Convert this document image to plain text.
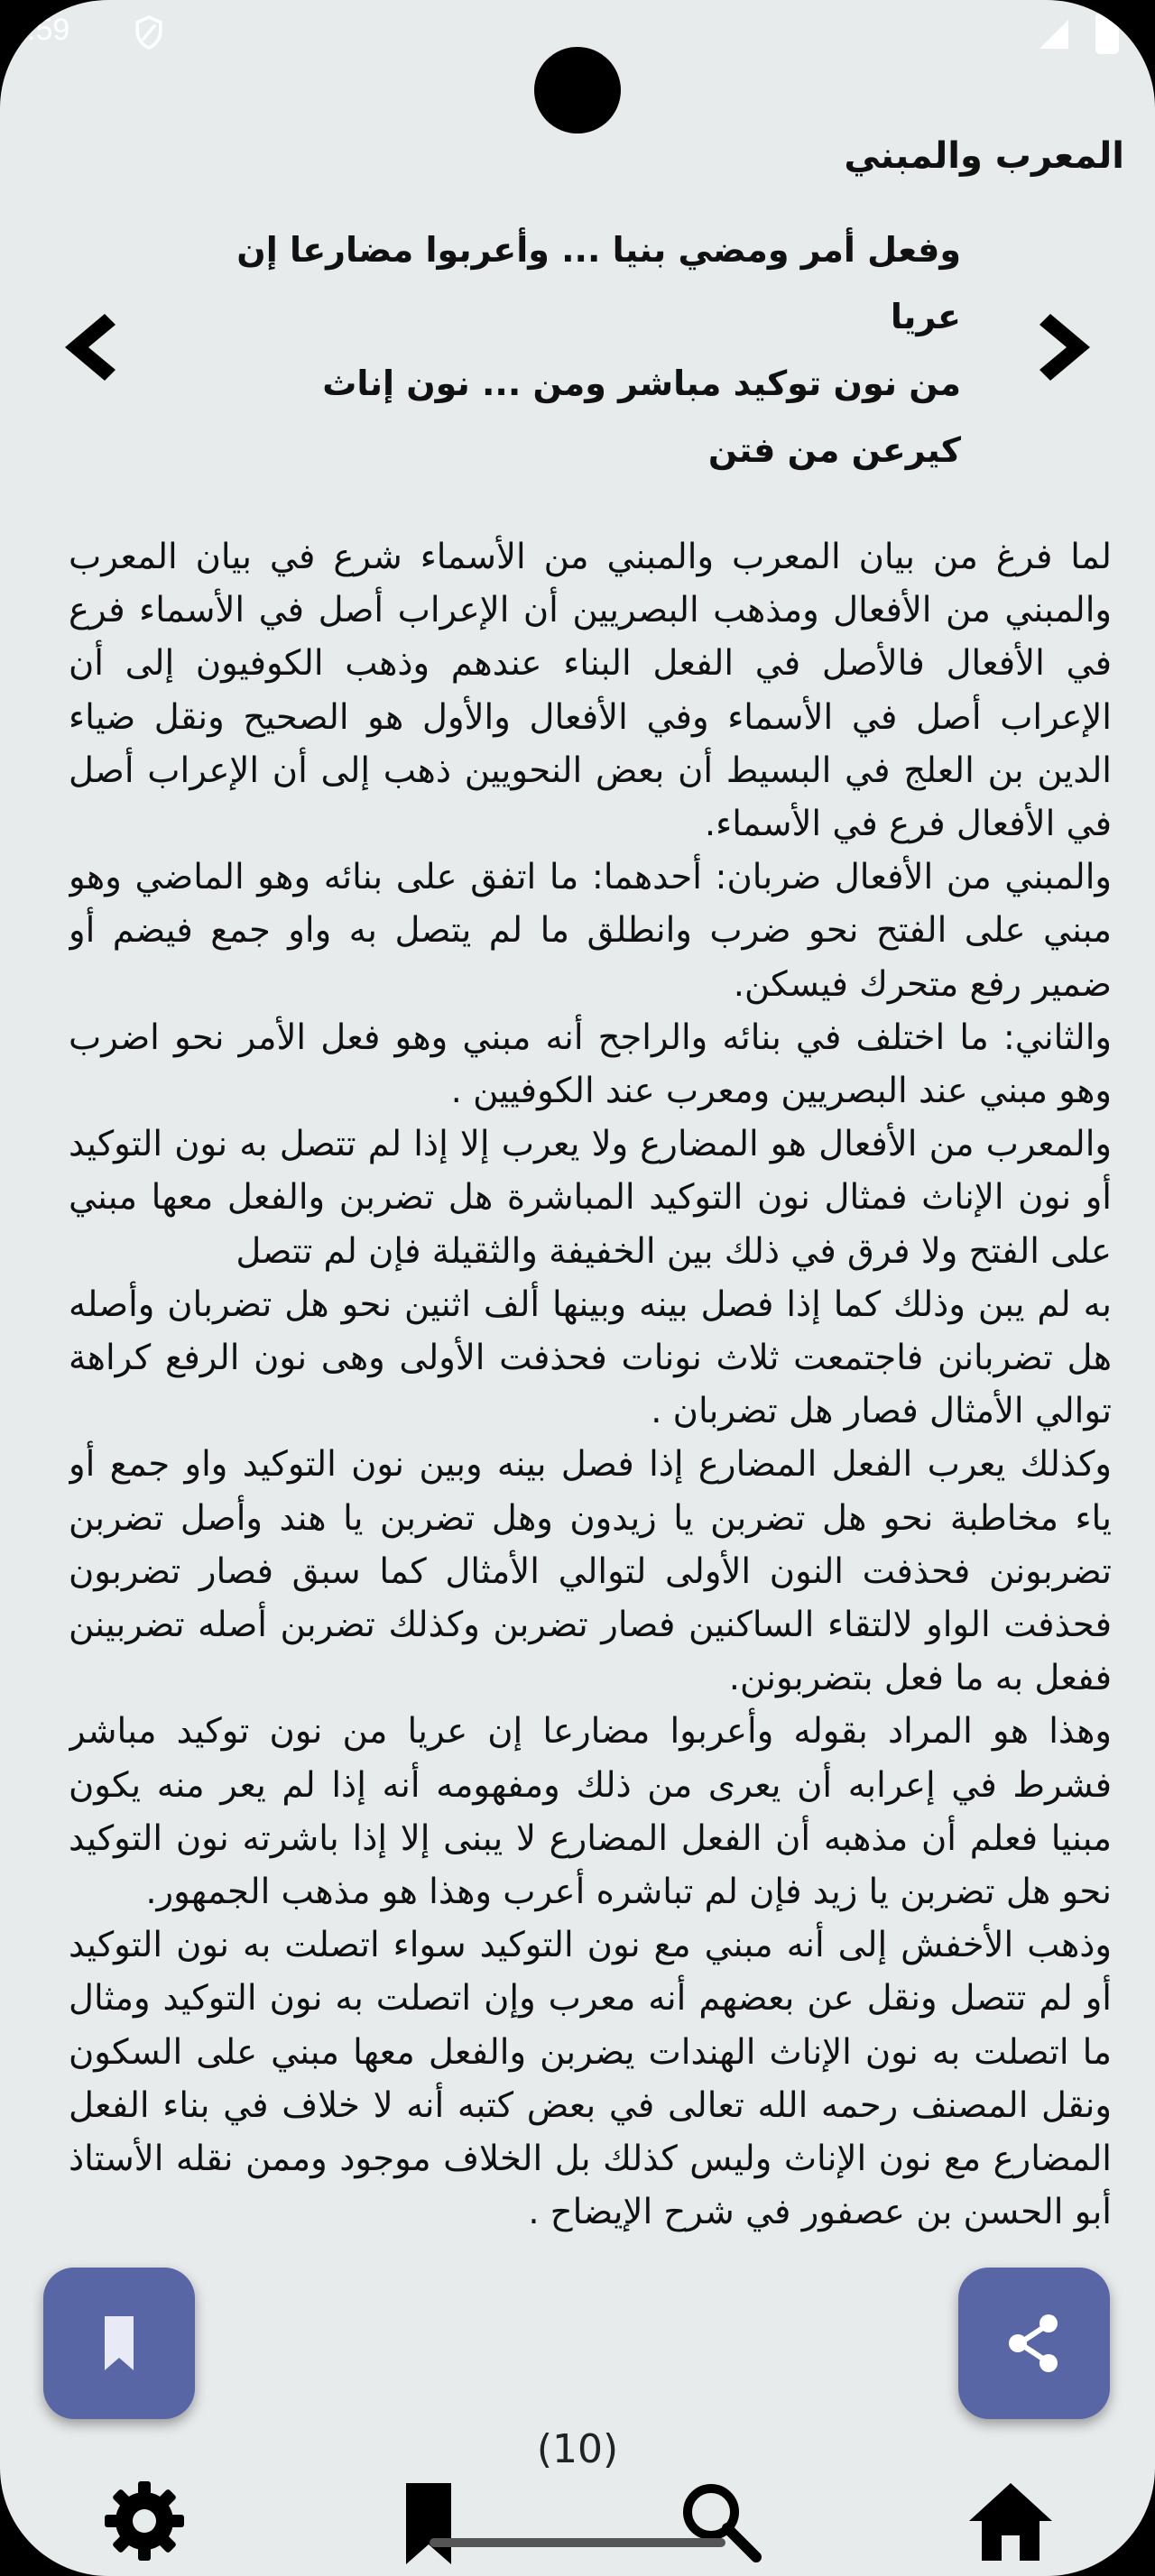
:59
المعرب والمبني
وفعل أمر ومضي بنيا ... وأعربوا مضارعا إن
عريا
من نون توكيد مباشر ومن ... نون إناث
كيرعن من فتن

لما فرغ من بيان المعرب والمبني من الأسماء شرع في بيان المعرب والمبني من الأفعال ومذهب البصريين أن الإعراب أصل في الأسماء فرع في الأفعال فالأصل في الفعل البناء عندهم وذهب الكوفيون إلى أن الإعراب أصل في الأسماء وفي الأفعال والأول هو الصحيح ونقل ضياء الدين بن العلج في البسيط أن بعض النحويين ذهب إلى أن الإعراب أصل في الأفعال فرع في الأسماء.

والمبني من الأفعال ضربان: أحدهما: ما اتفق على بنائه وهو الماضي وهو مبني على الفتح نحو ضرب وانطلق ما لم يتصل به واو جمع فيضم أو ضمير رفع متحرك فيسكن.

والثاني: ما اختلف في بنائه والراجح أنه مبني وهو فعل الأمر نحو اضرب وهو مبني عند البصريين ومعرب عند الكوفيين .

والمعرب من الأفعال هو المضارع ولا يعرب إلا إذا لم تتصل به نون التوكيد أو نون الإناث فمثال نون التوكيد المباشرة هل تضربن والفعل معها مبني على الفتح ولا فرق في ذلك بين الخفيفة والثقيلة فإن لم تتصل

به لم يبن وذلك كما إذا فصل بينه وبينها ألف اثنين نحو هل تضربان وأصله هل تضربانن فاجتمعت ثلاث نونات فحذفت الأولى وهى نون الرفع كراهة توالي الأمثال فصار هل تضربان .

وكذلك يعرب الفعل المضارع إذا فصل بينه وبين نون التوكيد واو جمع أو ياء مخاطبة نحو هل تضربن يا زيدون وهل تضربن يا هند وأصل تضربن تضربونن فحذفت النون الأولى لتوالي الأمثال كما سبق فصار تضربون فحذفت الواو لالتقاء الساكنين فصار تضربن وكذلك تضربن أصله تضربينن ففعل به ما فعل بتضربونن.

وهذا هو المراد بقوله وأعربوا مضارعا إن عريا من نون توكيد مباشر فشرط في إعرابه أن يعرى من ذلك ومفهومه أنه إذا لم يعر منه يكون مبنيا فعلم أن مذهبه أن الفعل المضارع لا يبنى إلا إذا باشرته نون التوكيد نحو هل تضربن يا زيد فإن لم تباشره أعرب وهذا هو مذهب الجمهور.

وذهب الأخفش إلى أنه مبني مع نون التوكيد سواء اتصلت به نون التوكيد أو لم تتصل ونقل عن بعضهم أنه معرب وإن اتصلت به نون التوكيد ومثال ما اتصلت به نون الإناث الهندات يضربن والفعل معها مبني على السكون ونقل المصنف رحمه الله تعالى في بعض كتبه أنه لا خلاف في بناء الفعل المضارع مع نون الإناث وليس كذلك بل الخلاف موجود وممن نقله الأستاذ أبو الحسن بن عصفور في شرح الإيضاح .

(10)
